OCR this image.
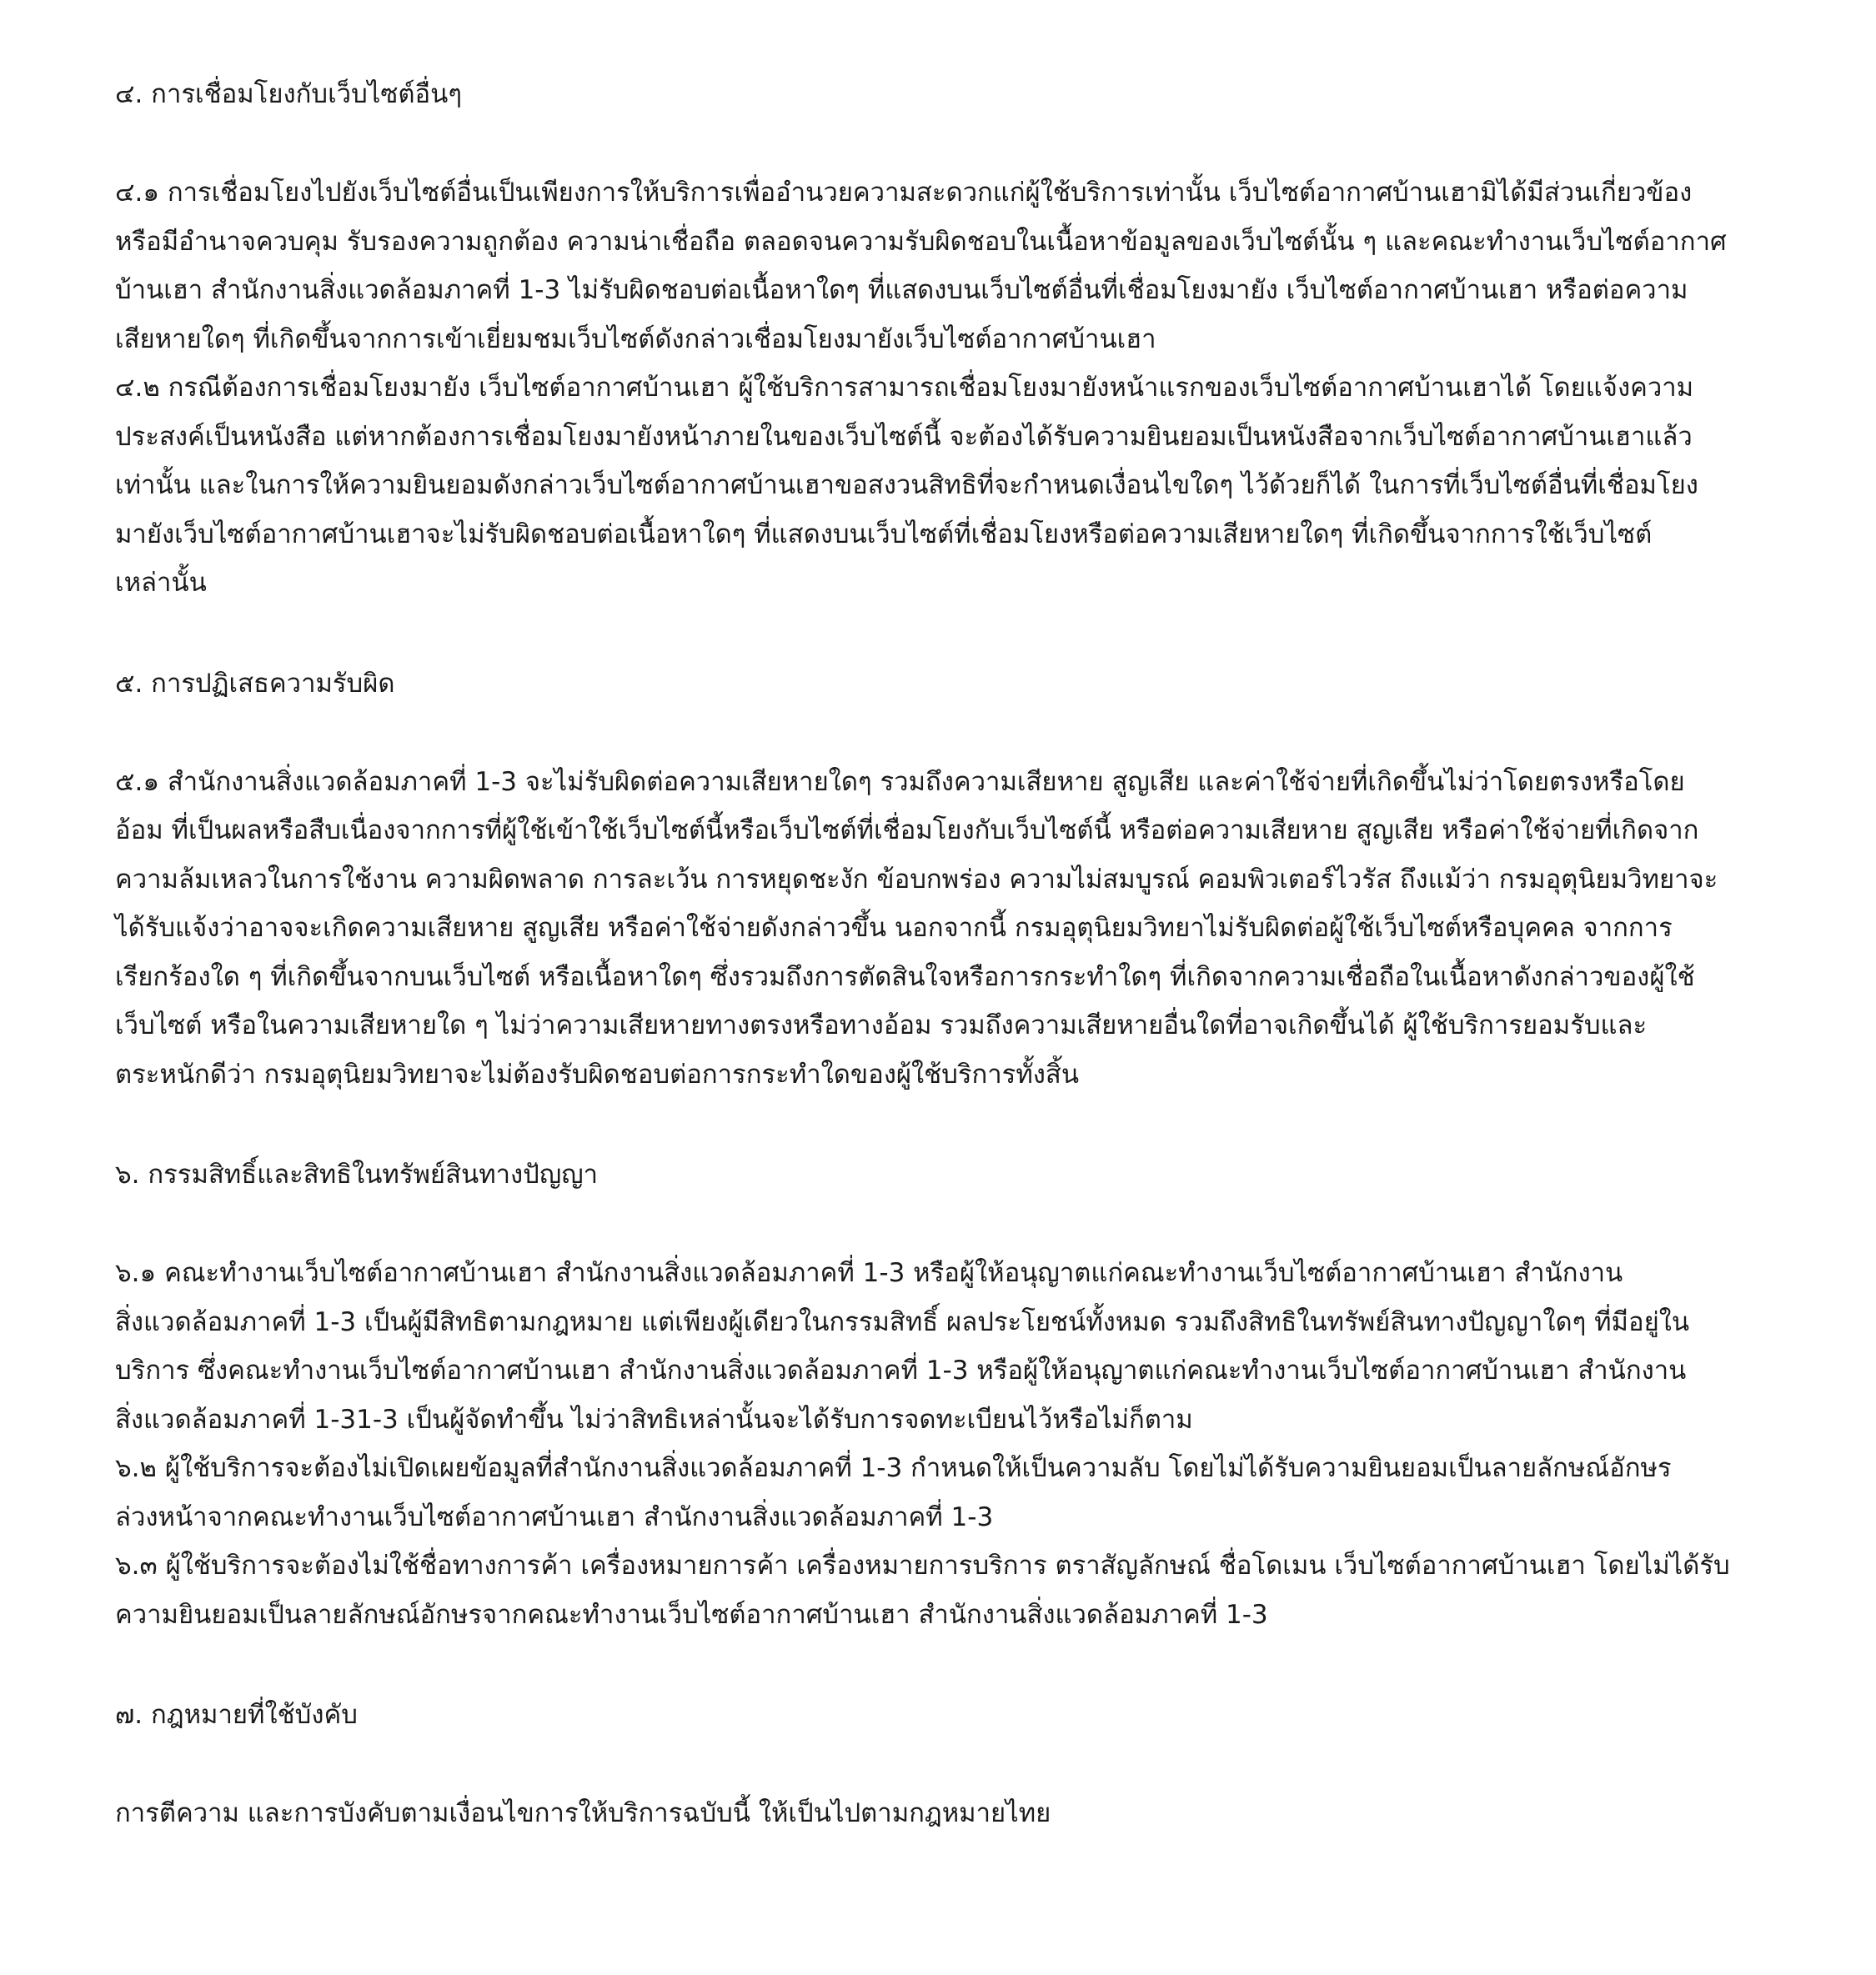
๔. การเชื่อมโยงกับเว็บไซต์อื่นๆ

๔.๑ การเชื่อมโยงไปยังเว็บไซต์อื่นเป็นเพียงการให้บริการเพื่ออำนวยความสะดวกแก่ผู้ใช้บริการเท่านั้น เว็บไซต์อากาศบ้านเฮามิได้มีส่วนเกี่ยวข้อง
หรือมีอำนาจควบคุม รับรองความถูกต้อง ความน่าเชื่อถือ ตลอดจนความรับผิดชอบในเนื้อหาข้อมูลของเว็บไซต์นั้น ๆ และคณะทำงานเว็บไซต์อากาศ
บ้านเฮา สำนักงานสิ่งแวดล้อมภาคที่ 1-3 ไม่รับผิดชอบต่อเนื้อหาใดๆ ที่แสดงบนเว็บไซต์อื่นที่เชื่อมโยงมายัง เว็บไซต์อากาศบ้านเฮา หรือต่อความ
เสียหายใดๆ ที่เกิดขึ้นจากการเข้าเยี่ยมชมเว็บไซต์ดังกล่าวเชื่อมโยงมายังเว็บไซต์อากาศบ้านเฮา

๔.๒ กรณีต้องการเชื่อมโยงมายัง เว็บไซต์อากาศบ้านเฮา ผู้ใช้บริการสามารถเชื่อมโยงมายังหน้าแรกของเว็บไซต์อากาศบ้านเฮาได้ โดยแจ้งความ
ประสงค์เป็นหนังสือ แต่หากต้องการเชื่อมโยงมายังหน้าภายในของเว็บไซต์นี้ จะต้องได้รับความยินยอมเป็นหนังสือจากเว็บไซต์อากาศบ้านเฮาแล้ว
เท่านั้น และในการให้ความยินยอมดังกล่าวเว็บไซต์อากาศบ้านเฮาขอสงวนสิทธิที่จะกำหนดเงื่อนไขใดๆ ไว้ด้วยก็ได้ ในการที่เว็บไซต์อื่นที่เชื่อมโยง
มายังเว็บไซต์อากาศบ้านเฮาจะไม่รับผิดชอบต่อเนื้อหาใดๆ ที่แสดงบนเว็บไซต์ที่เชื่อมโยงหรือต่อความเสียหายใดๆ ที่เกิดขึ้นจากการใช้เว็บไซต์
เหล่านั้น

๕. การปฏิเสธความรับผิด

๕.๑ สำนักงานสิ่งแวดล้อมภาคที่ 1-3 จะไม่รับผิดต่อความเสียหายใดๆ รวมถึงความเสียหาย สูญเสีย และค่าใช้จ่ายที่เกิดขึ้นไม่ว่าโดยตรงหรือโดย
อ้อม ที่เป็นผลหรือสืบเนื่องจากการที่ผู้ใช้เข้าใช้เว็บไซต์นี้หรือเว็บไซต์ที่เชื่อมโยงกับเว็บไซต์นี้ หรือต่อความเสียหาย สูญเสีย หรือค่าใช้จ่ายที่เกิดจาก
ความล้มเหลวในการใช้งาน ความผิดพลาด การละเว้น การหยุดชะงัก ข้อบกพร่อง ความไม่สมบูรณ์ คอมพิวเตอร์ไวรัส ถึงแม้ว่า กรมอุตุนิยมวิทยาจะ
ได้รับแจ้งว่าอาจจะเกิดความเสียหาย สูญเสีย หรือค่าใช้จ่ายดังกล่าวขึ้น นอกจากนี้ กรมอุตุนิยมวิทยาไม่รับผิดต่อผู้ใช้เว็บไซต์หรือบุคคล จากการ
เรียกร้องใด ๆ ที่เกิดขึ้นจากบนเว็บไซต์ หรือเนื้อหาใดๆ ซึ่งรวมถึงการตัดสินใจหรือการกระทำใดๆ ที่เกิดจากความเชื่อถือในเนื้อหาดังกล่าวของผู้ใช้
เว็บไซต์ หรือในความเสียหายใด ๆ ไม่ว่าความเสียหายทางตรงหรือทางอ้อม รวมถึงความเสียหายอื่นใดที่อาจเกิดขึ้นได้ ผู้ใช้บริการยอมรับและ
ตระหนักดีว่า กรมอุตุนิยมวิทยาจะไม่ต้องรับผิดชอบต่อการกระทำใดของผู้ใช้บริการทั้งสิ้น

๖. กรรมสิทธิ์และสิทธิในทรัพย์สินทางปัญญา

๖.๑ คณะทำงานเว็บไซต์อากาศบ้านเฮา สำนักงานสิ่งแวดล้อมภาคที่ 1-3 หรือผู้ให้อนุญาตแก่คณะทำงานเว็บไซต์อากาศบ้านเฮา สำนักงาน
สิ่งแวดล้อมภาคที่ 1-3 เป็นผู้มีสิทธิตามกฎหมาย แต่เพียงผู้เดียวในกรรมสิทธิ์ ผลประโยชน์ทั้งหมด รวมถึงสิทธิในทรัพย์สินทางปัญญาใดๆ ที่มีอยู่ใน
บริการ ซึ่งคณะทำงานเว็บไซต์อากาศบ้านเฮา สำนักงานสิ่งแวดล้อมภาคที่ 1-3 หรือผู้ให้อนุญาตแก่คณะทำงานเว็บไซต์อากาศบ้านเฮา สำนักงาน
สิ่งแวดล้อมภาคที่ 1-31-3 เป็นผู้จัดทำขึ้น ไม่ว่าสิทธิเหล่านั้นจะได้รับการจดทะเบียนไว้หรือไม่ก็ตาม

๖.๒ ผู้ใช้บริการจะต้องไม่เปิดเผยข้อมูลที่สำนักงานสิ่งแวดล้อมภาคที่ 1-3 กำหนดให้เป็นความลับ โดยไม่ได้รับความยินยอมเป็นลายลักษณ์อักษร
ล่วงหน้าจากคณะทำงานเว็บไซต์อากาศบ้านเฮา สำนักงานสิ่งแวดล้อมภาคที่ 1-3

๖.๓ ผู้ใช้บริการจะต้องไม่ใช้ชื่อทางการค้า เครื่องหมายการค้า เครื่องหมายการบริการ ตราสัญลักษณ์ ชื่อโดเมน เว็บไซต์อากาศบ้านเฮา โดยไม่ได้รับ
ความยินยอมเป็นลายลักษณ์อักษรจากคณะทำงานเว็บไซต์อากาศบ้านเฮา สำนักงานสิ่งแวดล้อมภาคที่ 1-3

๗. กฎหมายที่ใช้บังคับ

การตีความ และการบังคับตามเงื่อนไขการให้บริการฉบับนี้ ให้เป็นไปตามกฎหมายไทย
